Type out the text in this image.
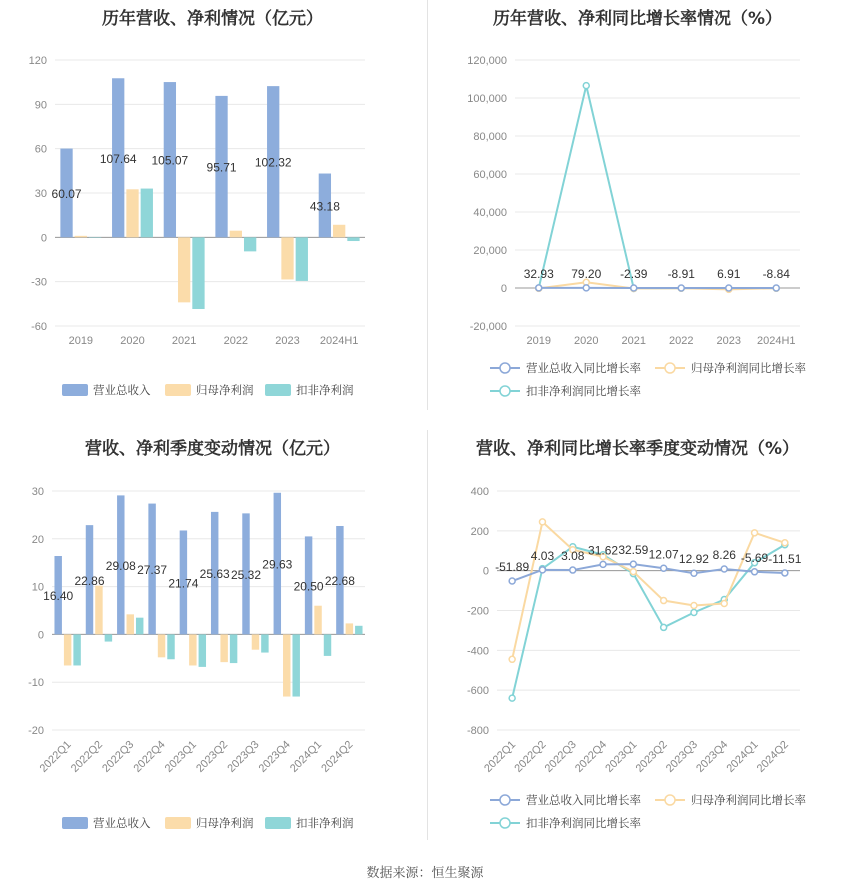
历年营收、净利情况（亿元）	历年营收、净利同比增长率情况（%）
营收、净利季度变动情况（亿元）	营收、净利同比增长率季度变动情况（%）
-60
-30
0
30
60
90
120
2019 2020 2021 2022 2023 2024H1
60.07
107.64 105.07 95.71 102.32
43.18
营业总收入	归母净利润	扣非净利润
-20,000
0
20,000
40,000
60,000
80,000
100,000
120,000
2019 2020 2021 2022 2023 2024H1
32.93 79.20 -2.39 -8.91 6.91 -8.84
营业总收入同比增长率	归母净利润同比增长率
扣非净利润同比增长率
-20
-10
0
10
20
30
2022Q1
2022Q2
2022Q3
2022Q4
2023Q1
2023Q2
2023Q3
2023Q4
2024Q1
2024Q2
16.40
22.86
29.08 27.37
21.74
25.63 25.32
29.63
20.50 22.68
营业总收入	归母净利润	扣非净利润
-800
-600
-400
-200
0
200
400
2022Q1
2022Q2
2022Q3
2022Q4
2023Q1
2023Q2
2023Q3
2023Q4
2024Q1
2024Q2
-51.89
4.03 3.08 31.62 32.59 12.07 12.92 8.26 -5.69 -11.51
营业总收入同比增长率	归母净利润同比增长率
扣非净利润同比增长率
数据来源：恒生聚源
